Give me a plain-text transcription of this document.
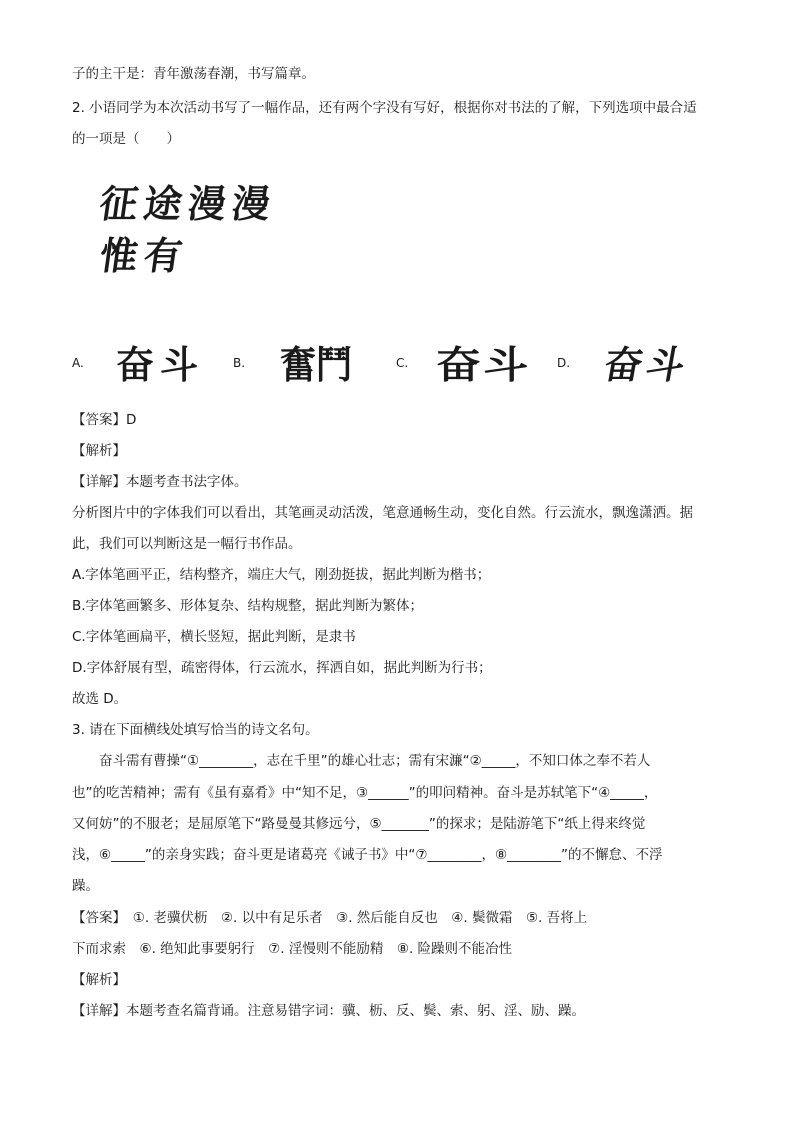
子的主干是：青年激荡春潮，书写篇章。
2. 小语同学为本次活动书写了一幅作品，还有两个字没有写好，根据你对书法的了解，下列选项中最合适
的一项是（　　）
征途漫漫
惟有
A. 奋斗 B. 奮鬥	C. 奋斗 D. 奋斗
【答案】D
【解析】
【详解】本题考查书法字体。
分析图片中的字体我们可以看出，其笔画灵动活泼，笔意通畅生动，变化自然。行云流水，飘逸潇洒。据
此，我们可以判断这是一幅行书作品。
A.字体笔画平正，结构整齐，端庄大气，刚劲挺拔，据此判断为楷书；
B.字体笔画繁多、形体复杂、结构规整，据此判断为繁体；
C.字体笔画扁平，横长竖短，据此判断，是隶书
D.字体舒展有型，疏密得体，行云流水，挥洒自如，据此判断为行书；
故选 D。
3. 请在下面横线处填写恰当的诗文名句。
奋斗需有曹操“①________，志在千里”的雄心壮志；需有宋濂“②_____，不知口体之奉不若人
也”的吃苦精神；需有《虽有嘉肴》中“知不足，③______”的叩问精神。奋斗是苏轼笔下“④_____，
又何妨”的不服老；是屈原笔下“路曼曼其修远兮，⑤_______”的探求；是陆游笔下“纸上得来终觉
浅，⑥_____”的亲身实践；奋斗更是诸葛亮《诫子书》中“⑦________，⑧________”的不懈怠、不浮
躁。
【答案】　①. 老骥伏枥　②. 以中有足乐者　③. 然后能自反也　④. 鬓微霜　⑤. 吾将上
下而求索　⑥. 绝知此事要躬行　⑦. 淫慢则不能励精　⑧. 险躁则不能冶性
【解析】
【详解】本题考查名篇背诵。注意易错字词：骥、枥、反、鬓、索、躬、淫、励、躁。
